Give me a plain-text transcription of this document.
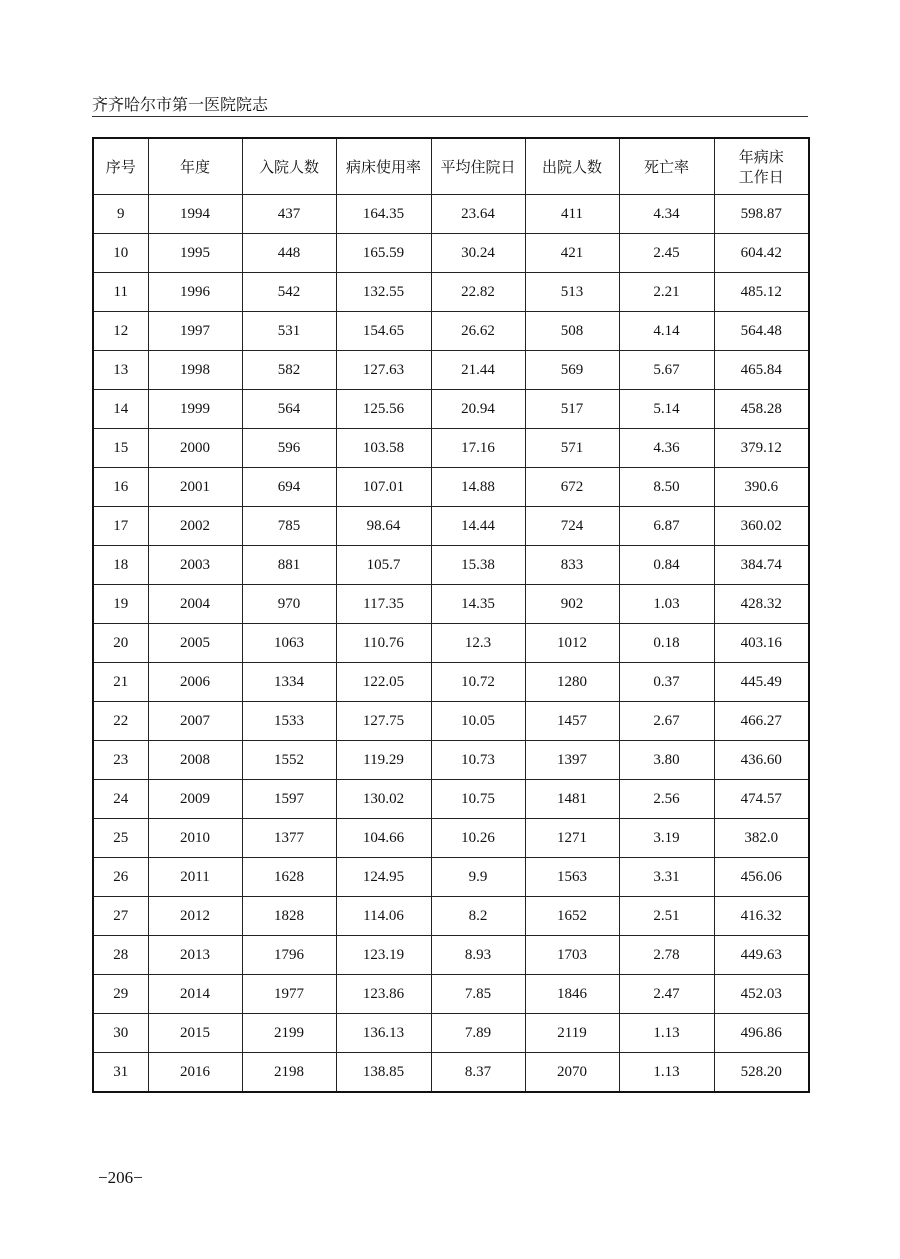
齐齐哈尔市第一医院院志
序号	年度	入院人数	病床使用率	平均住院日	出院人数	死亡率	年病床
工作日
9	1994	437	164.35	23.64	411	4.34	598.87
10	1995	448	165.59	30.24	421	2.45	604.42
11	1996	542	132.55	22.82	513	2.21	485.12
12	1997	531	154.65	26.62	508	4.14	564.48
13	1998	582	127.63	21.44	569	5.67	465.84
14	1999	564	125.56	20.94	517	5.14	458.28
15	2000	596	103.58	17.16	571	4.36	379.12
16	2001	694	107.01	14.88	672	8.50	390.6
17	2002	785	98.64	14.44	724	6.87	360.02
18	2003	881	105.7	15.38	833	0.84	384.74
19	2004	970	117.35	14.35	902	1.03	428.32
20	2005	1063	110.76	12.3	1012	0.18	403.16
21	2006	1334	122.05	10.72	1280	0.37	445.49
22	2007	1533	127.75	10.05	1457	2.67	466.27
23	2008	1552	119.29	10.73	1397	3.80	436.60
24	2009	1597	130.02	10.75	1481	2.56	474.57
25	2010	1377	104.66	10.26	1271	3.19	382.0
26	2011	1628	124.95	9.9	1563	3.31	456.06
27	2012	1828	114.06	8.2	1652	2.51	416.32
28	2013	1796	123.19	8.93	1703	2.78	449.63
29	2014	1977	123.86	7.85	1846	2.47	452.03
30	2015	2199	136.13	7.89	2119	1.13	496.86
31	2016	2198	138.85	8.37	2070	1.13	528.20
−206−
